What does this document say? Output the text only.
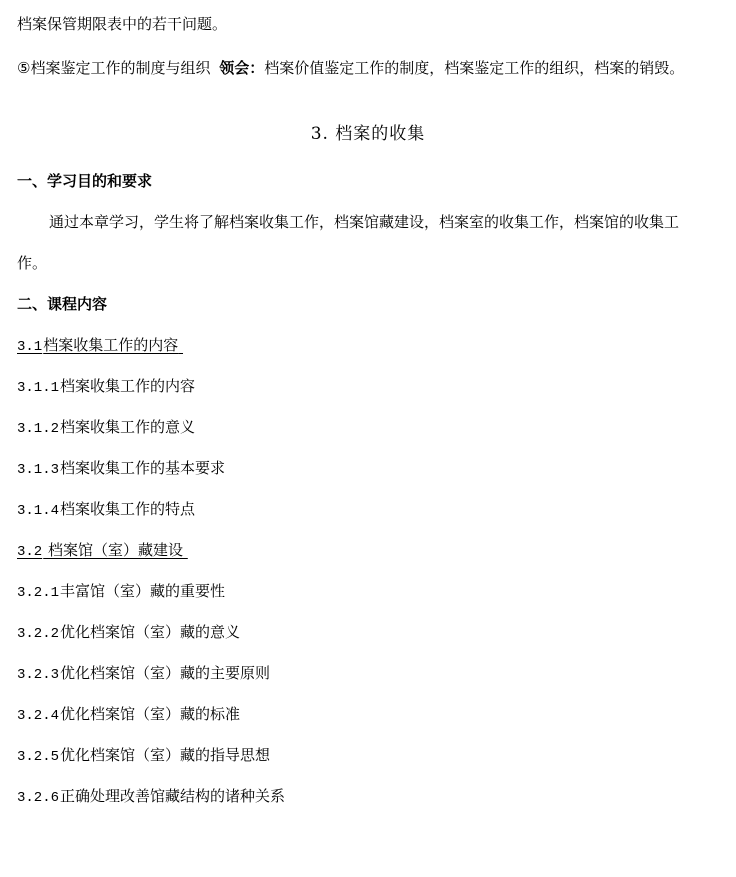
档案保管期限表中的若干问题。
⑤档案鉴定工作的制度与组织 领会：档案价值鉴定工作的制度，档案鉴定工作的组织，档案的销毁。
3. 档案的收集
一、学习目的和要求
通过本章学习，学生将了解档案收集工作，档案馆藏建设，档案室的收集工作，档案馆的收集工
作。
二、课程内容
3.1档案收集工作的内容
3.1.1档案收集工作的内容
3.1.2档案收集工作的意义
3.1.3档案收集工作的基本要求
3.1.4档案收集工作的特点
3.2 档案馆（室）藏建设
3.2.1丰富馆（室）藏的重要性
3.2.2优化档案馆（室）藏的意义
3.2.3优化档案馆（室）藏的主要原则
3.2.4优化档案馆（室）藏的标准
3.2.5优化档案馆（室）藏的指导思想
3.2.6正确处理改善馆藏结构的诸种关系
